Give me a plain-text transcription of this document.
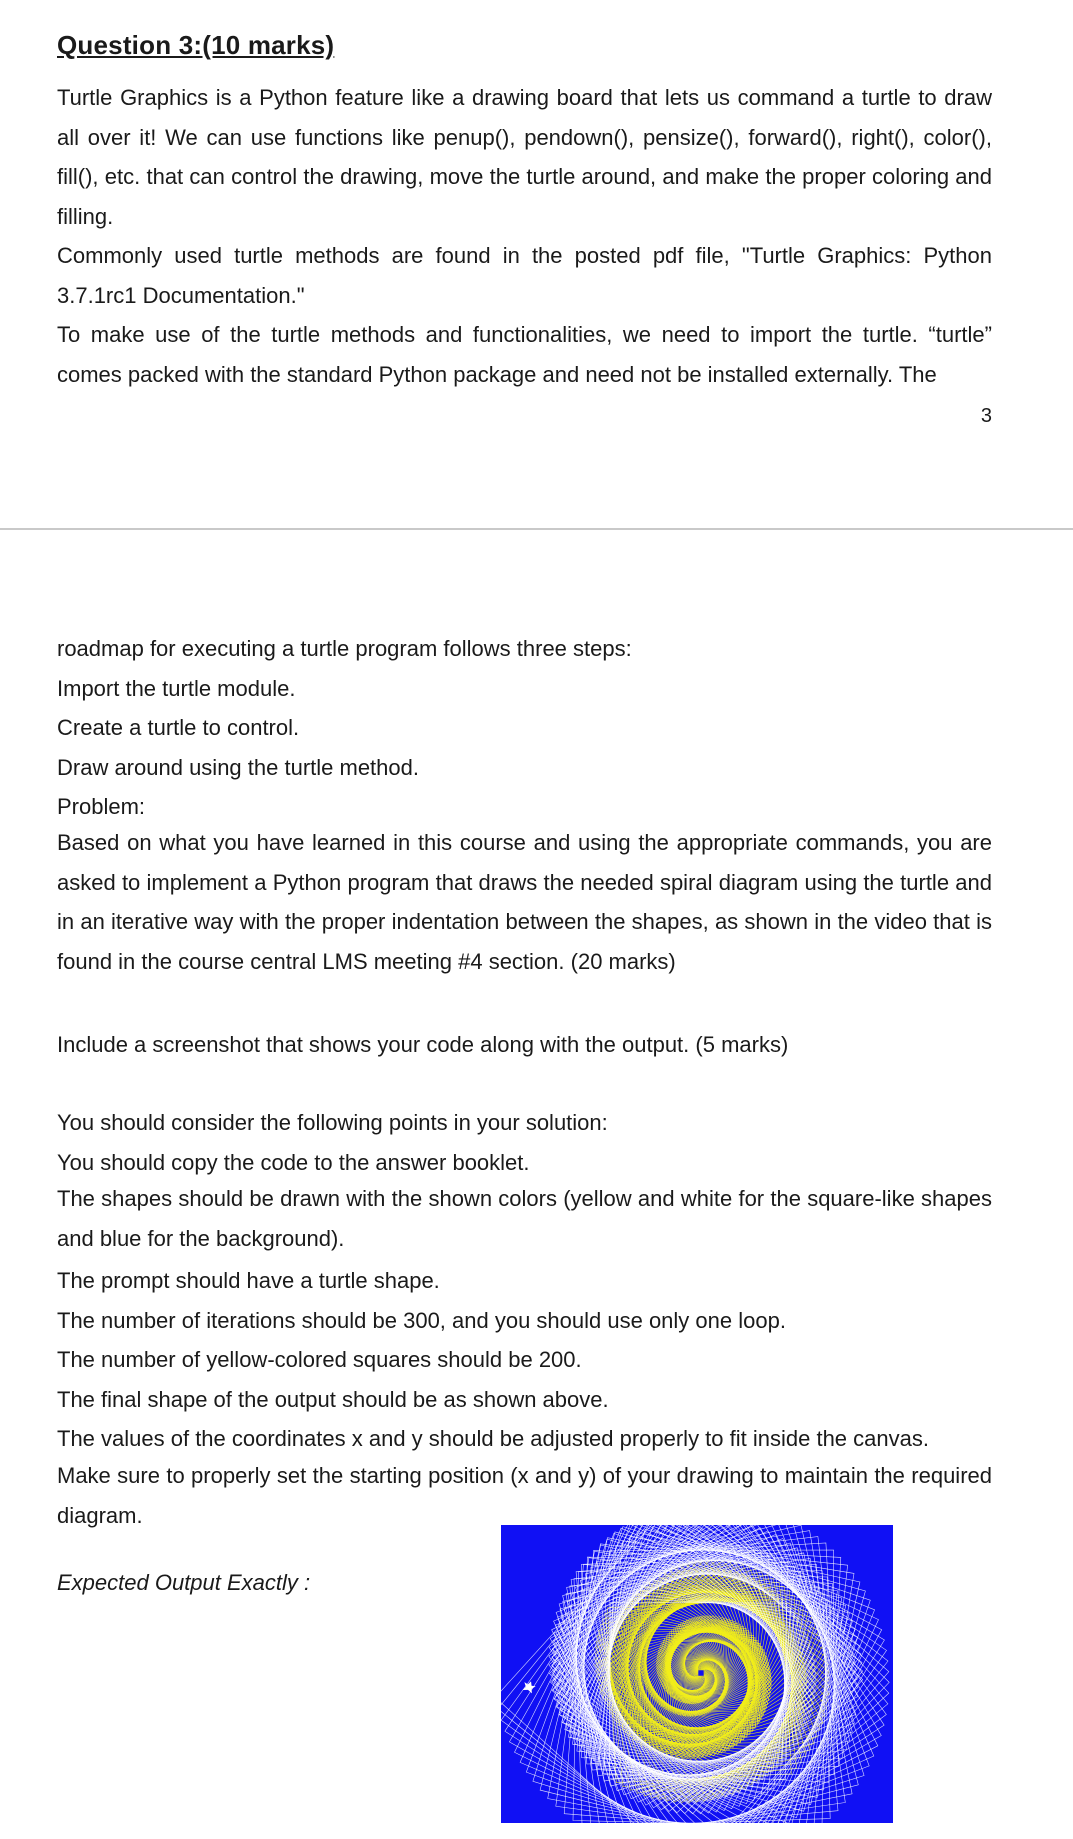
Question 3:(10 marks)
Turtle Graphics is a Python feature like a drawing board that lets us command a turtle to draw all over it! We can use functions like penup(), pendown(), pensize(), forward(), right(), color(), fill(), etc. that can control the drawing, move the turtle around, and make the proper coloring and filling.
Commonly used turtle methods are found in the posted pdf file, "Turtle Graphics: Python 3.7.1rc1 Documentation."
To make use of the turtle methods and functionalities, we need to import the turtle. “turtle” comes packed with the standard Python package and need not be installed externally. The
3
roadmap for executing a turtle program follows three steps:
Import the turtle module.
Create a turtle to control.
Draw around using the turtle method.
Problem:
Based on what you have learned in this course and using the appropriate commands, you are asked to implement a Python program that draws the needed spiral diagram using the turtle and in an iterative way with the proper indentation between the shapes, as shown in the video that is found in the course central LMS meeting #4 section. (20 marks)
Include a screenshot that shows your code along with the output. (5 marks)
You should consider the following points in your solution:
You should copy the code to the answer booklet.
The shapes should be drawn with the shown colors (yellow and white for the square-like shapes and blue for the background).
The prompt should have a turtle shape.
The number of iterations should be 300, and you should use only one loop.
The number of yellow-colored squares should be 200.
The final shape of the output should be as shown above.
The values of the coordinates x and y should be adjusted properly to fit inside the canvas.
Make sure to properly set the starting position (x and y) of your drawing to maintain the required diagram.
Expected Output Exactly :
